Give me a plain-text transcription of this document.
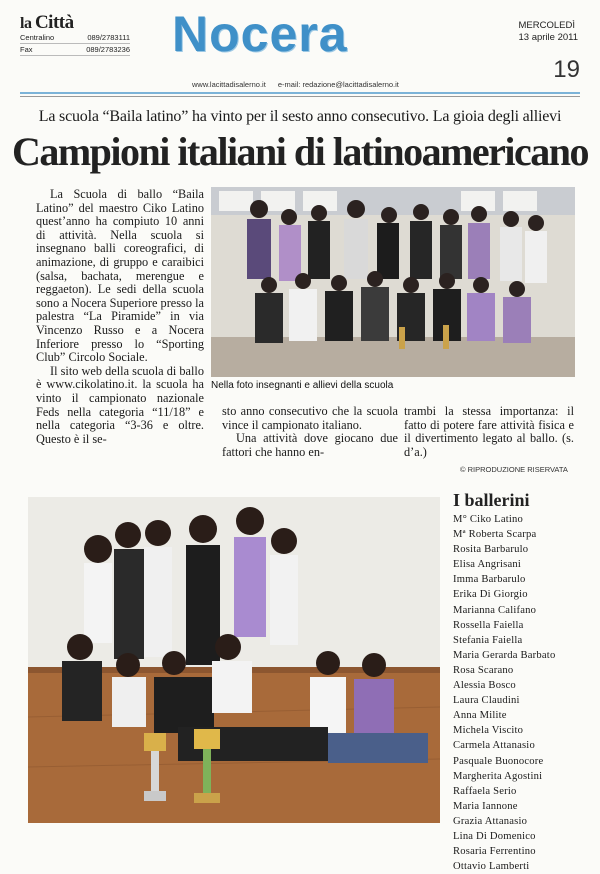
la Città
Centralino	089/2783111
Fax	089/2783236 Nocera	MERCOLEDÌ
13 aprile 2011
19
www.lacittadisalerno.it e-mail: redazione@lacittadisalerno.it
La scuola “Baila latino” ha vinto per il sesto anno consecutivo. La gioia degli allievi
Campioni italiani di latinoamericano

La Scuola di ballo “Baila Latino” del maestro Ciko Latino quest’anno ha compiuto 10 anni di attività. Nella scuola si insegnano balli coreografici, di animazione, di gruppo e caraibici (salsa, bachata, merengue e reggaeton). Le sedi della scuola sono a Nocera Superiore presso la palestra “La Piramide” in via Vincenzo Russo e a Nocera Inferiore presso lo “Sporting Club” Circolo Sociale.

Il sito web della scuola di ballo è www.cikolatino.it. la scuola ha vinto il campionato nazionale Feds nella categoria “11/18” e nella categoria “3-36 e oltre. Questo è il se-

Nella foto insegnanti e allievi della scuola

sto anno consecutivo che la scuola vince il campionato italiano.

Una attività dove giocano due fattori che hanno en-

trambi la stessa importanza: il fatto di potere fare attività fisica e il divertimento legato al ballo. (s. d’a.)

© RIPRODUZIONE RISERVATA
I ballerini
M° Ciko Latino
Mª Roberta Scarpa
Rosita Barbarulo
Elisa Angrisani
Imma Barbarulo
Erika Di Giorgio
Marianna Califano
Rossella Faiella
Stefania Faiella
Maria Gerarda Barbato
Rosa Scarano
Alessia Bosco
Laura Claudini
Anna Milite
Michela Viscito
Carmela Attanasio
Pasquale Buonocore
Margherita Agostini
Raffaela Serio
Maria Iannone
Grazia Attanasio
Lina Di Domenico
Rosaria Ferrentino
Ottavio Lamberti
